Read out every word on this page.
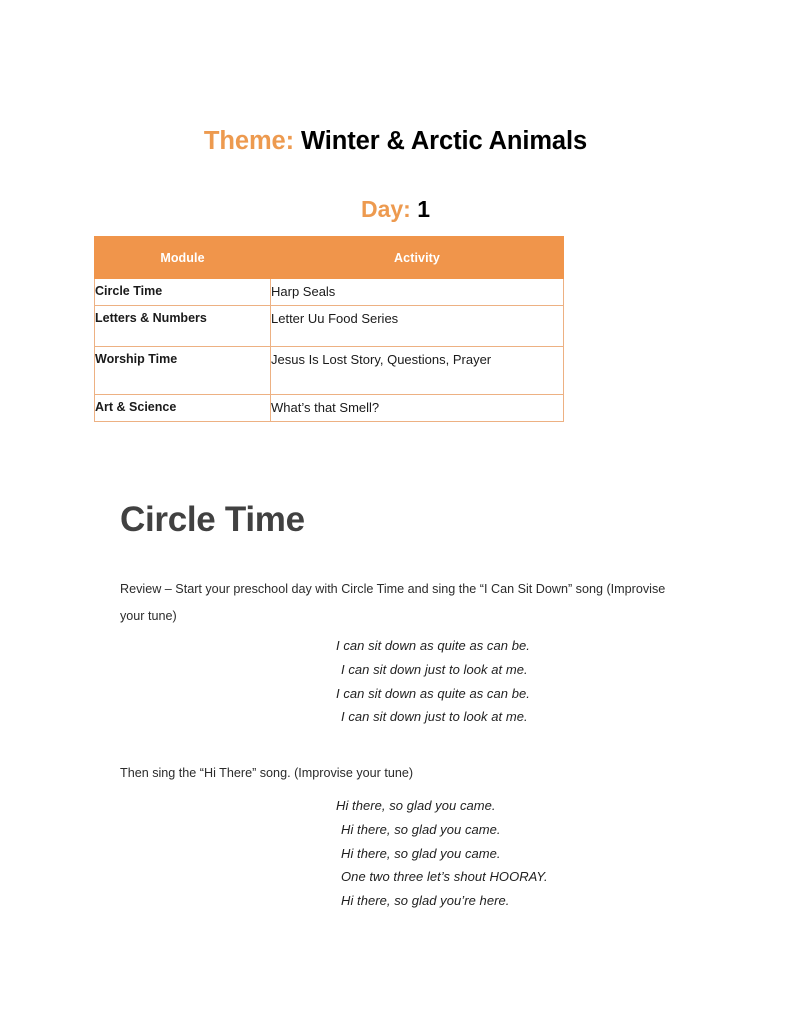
Theme: Winter & Arctic Animals
Day: 1
Module	Activity
Circle Time	Harp Seals
Letters & Numbers	Letter Uu Food Series
Worship Time	Jesus Is Lost Story, Questions, Prayer
Art & Science	What’s that Smell?
Circle Time
Review – Start your preschool day with Circle Time and sing the “I Can Sit Down” song (Improvise your tune)
I can sit down as quite as can be.
I can sit down just to look at me.
I can sit down as quite as can be.
I can sit down just to look at me.
Then sing the “Hi There” song. (Improvise your tune)
Hi there, so glad you came.
Hi there, so glad you came.
Hi there, so glad you came.
One two three let’s shout HOORAY.
Hi there, so glad you’re here.
